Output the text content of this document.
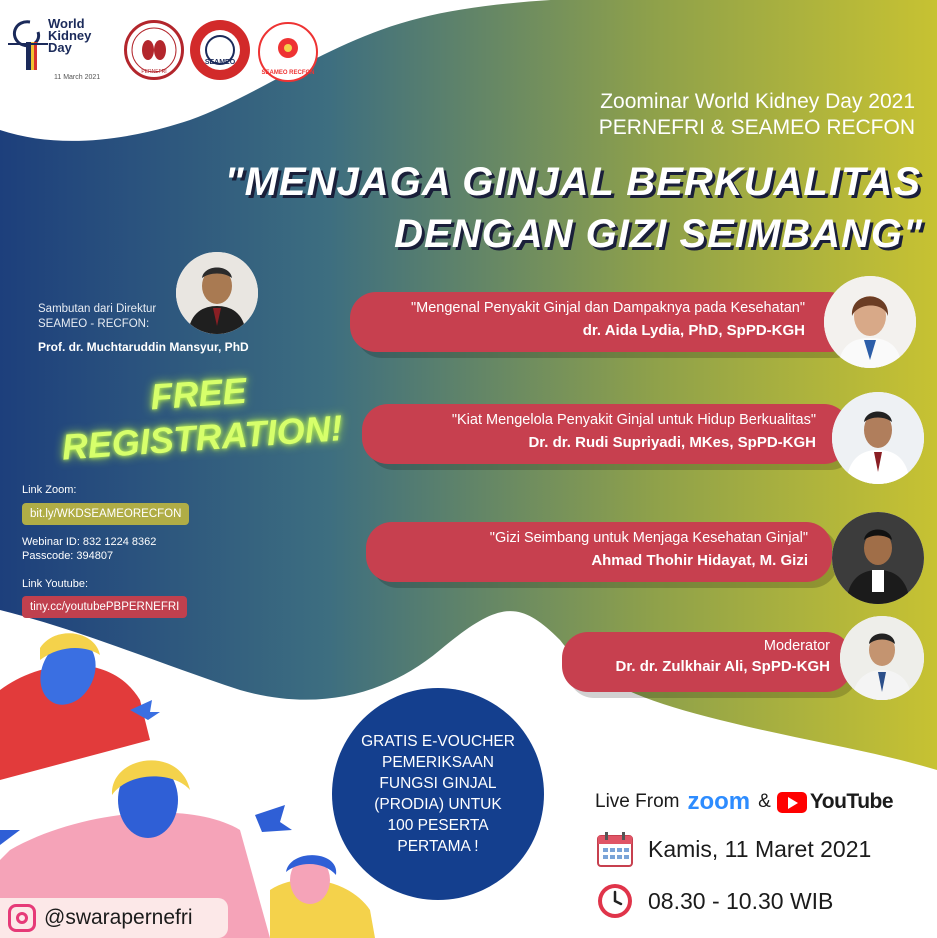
World Kidney Day
11 March 2021
PERNEFRI
SEAMEO
SEAMEO RECFON
Zoominar World Kidney Day 2021
PERNEFRI & SEAMEO RECFON
"MENJAGA GINJAL BERKUALITAS
DENGAN GIZI SEIMBANG"
Sambutan dari Direktur SEAMEO - RECFON:
Prof. dr. Muchtaruddin Mansyur, PhD
FREE
REGISTRATION!
Link Zoom:
bit.ly/WKDSEAMEORECFON
Webinar ID: 832 1224 8362
Passcode: 394807
Link Youtube:
tiny.cc/youtubePBPERNEFRI
"Mengenal Penyakit Ginjal dan Dampaknya pada Kesehatan"
dr. Aida Lydia, PhD, SpPD-KGH
"Kiat Mengelola Penyakit Ginjal untuk Hidup Berkualitas"
Dr. dr. Rudi Supriyadi, MKes, SpPD-KGH
"Gizi Seimbang untuk Menjaga Kesehatan Ginjal"
Ahmad Thohir Hidayat, M. Gizi
Moderator
Dr. dr. Zulkhair Ali, SpPD-KGH
GRATIS E-VOUCHER PEMERIKSAAN FUNGSI GINJAL (PRODIA) UNTUK 100 PESERTA PERTAMA !
Live From zoom & YouTube
Kamis, 11 Maret 2021
08.30 - 10.30 WIB
@swarapernefri
